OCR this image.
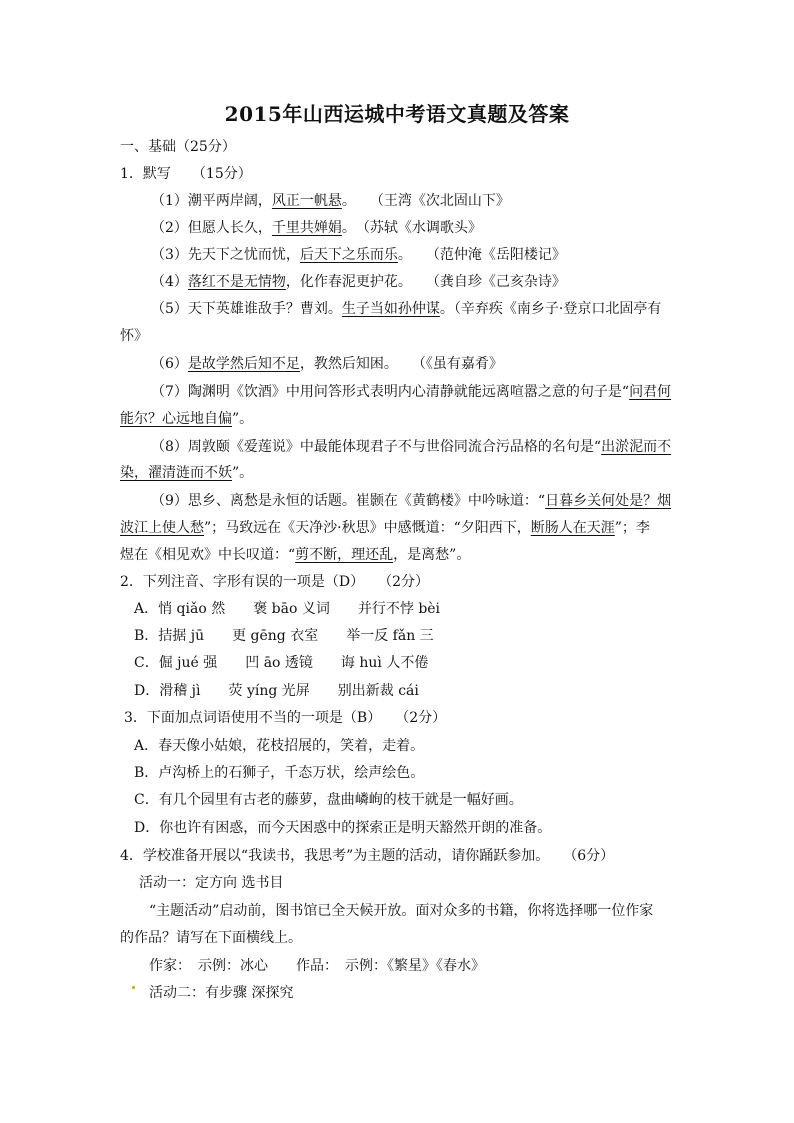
2015年山西运城中考语文真题及答案
一、基础（25分）
1．默写　　（15分）
（1）潮平两岸阔，风正一帆悬。　　（王湾《次北固山下》
（2）但愿人长久，千里共婵娟。　（苏轼《水调歌头》
（3）先天下之忧而忧，后天下之乐而乐。　　（范仲淹《岳阳楼记》
（4）落红不是无情物，化作春泥更护花。　　（龚自珍《己亥杂诗》
（5）天下英雄谁敌手？曹刘。生子当如孙仲谋。（辛弃疾《南乡子·登京口北固亭有
怀》
（6）是故学然后知不足，教然后知困。　　（《虽有嘉肴》
（7）陶渊明《饮酒》中用问答形式表明内心清静就能远离喧嚣之意的句子是“问君何
能尔？心远地自偏”。
（8）周敦颐《爱莲说》中最能体现君子不与世俗同流合污品格的名句是“出淤泥而不
染，濯清涟而不妖”。
（9）思乡、离愁是永恒的话题。崔颢在《黄鹤楼》中吟咏道：“日暮乡关何处是？烟
波江上使人愁”；马致远在《天净沙·秋思》中感慨道：“夕阳西下，断肠人在天涯”；李
煜在《相见欢》中长叹道：“剪不断，理还乱，是离愁”。
2．下列注音、字形有误的一项是（D）　　（2分）
A．悄 qiǎo 然　　褒 bāo 义词　　并行不悖 bèi
B．拮据 jū　　更 gēng 衣室　　举一反 fǎn 三
C．倔 jué 强　　凹 āo 透镜　　诲 huì 人不倦
D．滑稽 jì　　荧 yíng 光屏　　别出新裁 cái
3．下面加点词语使用不当的一项是（B）　　（2分）
A．春天像小姑娘，花枝招展的，笑着，走着。
B．卢沟桥上的石狮子，千态万状，绘声绘色。
C．有几个园里有古老的藤萝，盘曲嶙峋的枝干就是一幅好画。
D．你也许有困惑，而今天困惑中的探索正是明天豁然开朗的准备。
4．学校准备开展以“我读书，我思考”为主题的活动，请你踊跃参加。　　（6分）
活动一：定方向 选书目
“主题活动”启动前，图书馆已全天候开放。面对众多的书籍，你将选择哪一位作家
的作品？请写在下面横线上。
作家：　示例：冰心　　作品：　示例：《繁星》《春水》
活动二：有步骤 深探究
